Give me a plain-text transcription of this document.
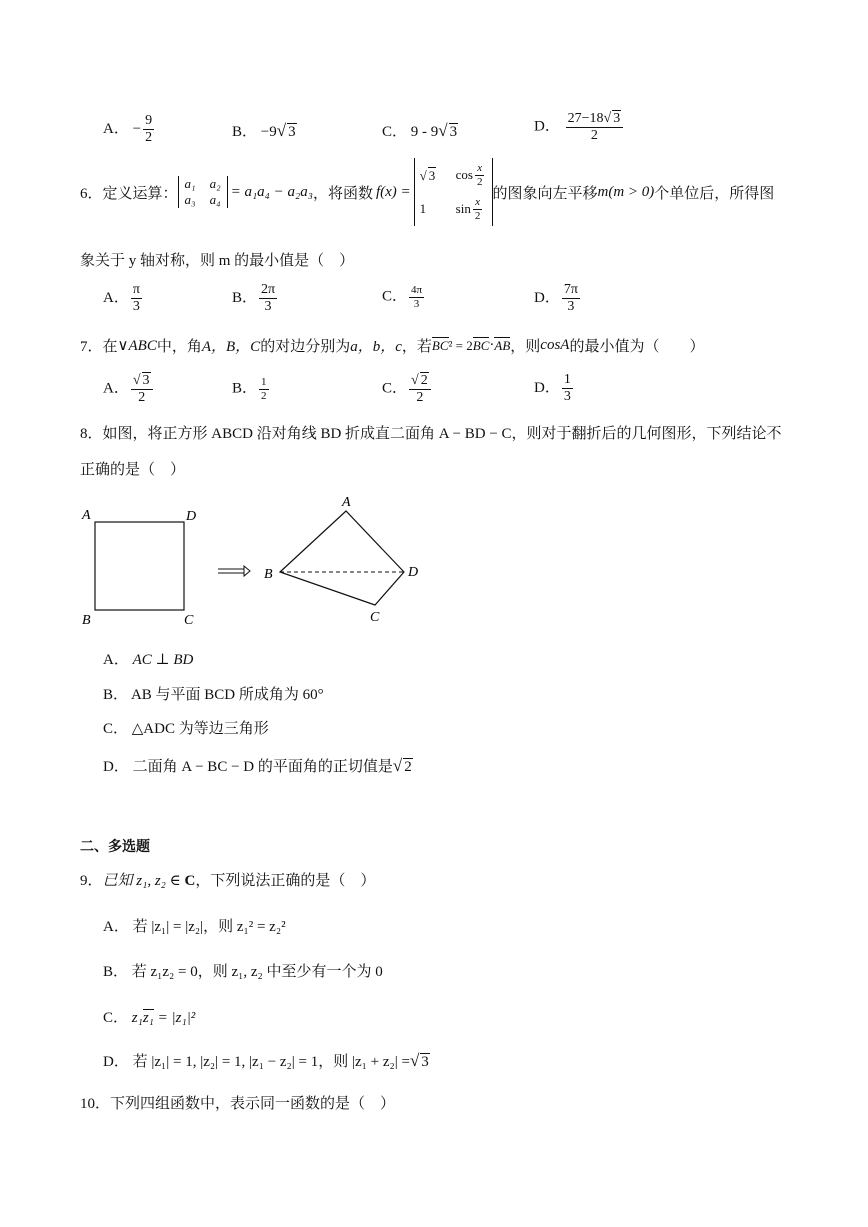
A． − $\frac{9}{2}$	B． −9√ 3	C． 9 - 9√ 3	D． $\frac{27-18√ 3}{2}$
6． 定义运算：
a₁ a₂
a₃ a₄ = a₁a₄ − a₂a₃ ，将函数 f(x) =
√ 3	$\cos \frac{x}{2}$
1	$\sin \frac{x}{2}$
的图象向左平移 m(m > 0) 个单位后，所得图
象关于 y 轴对称，则 m 的最小值是（　）
A． $\frac{\pi}{3}$	B． $\frac{2\pi}{3}$	C． $\frac{4\pi}{3}$	D． $\frac{7\pi}{3}$
7． 在 ∨ABC 中，角 A，B，C 的对边分别为 a，b，c ，若 BC ² = 2 BC · AB ，则 cosA 的最小值为（　　）
A． $\frac{√ 3}{2}$	B． $\frac{1}{2}$	C． $\frac{√ 2}{2}$	D． $\frac{1}{3}$
8．如图，将正方形 ABCD 沿对角线 BD 折成直二面角 A − BD − C，则对于翻折后的几何图形，下列结论不
正确的是（　）
A	D
B	C
A
B	D
C
A． AC ⊥ BD
B． AB 与平面 BCD 所成角为 60°
C． △ADC 为等边三角形
D． 二面角 A − BC − D 的平面角的正切值是√ 2
二、多选题
9．已知 z₁, z₂ ∈ C，下列说法正确的是（　）
A． 若 |z₁| = |z₂|，则 z₁² = z₂²
B． 若 z₁z₂ = 0，则 z₁, z₂ 中至少有一个为 0
C． z₁z₁ = |z₁|²
D． 若 |z₁| = 1, |z₂| = 1, |z₁ − z₂| = 1，则 |z₁ + z₂| =√ 3
10．下列四组函数中，表示同一函数的是（　）
